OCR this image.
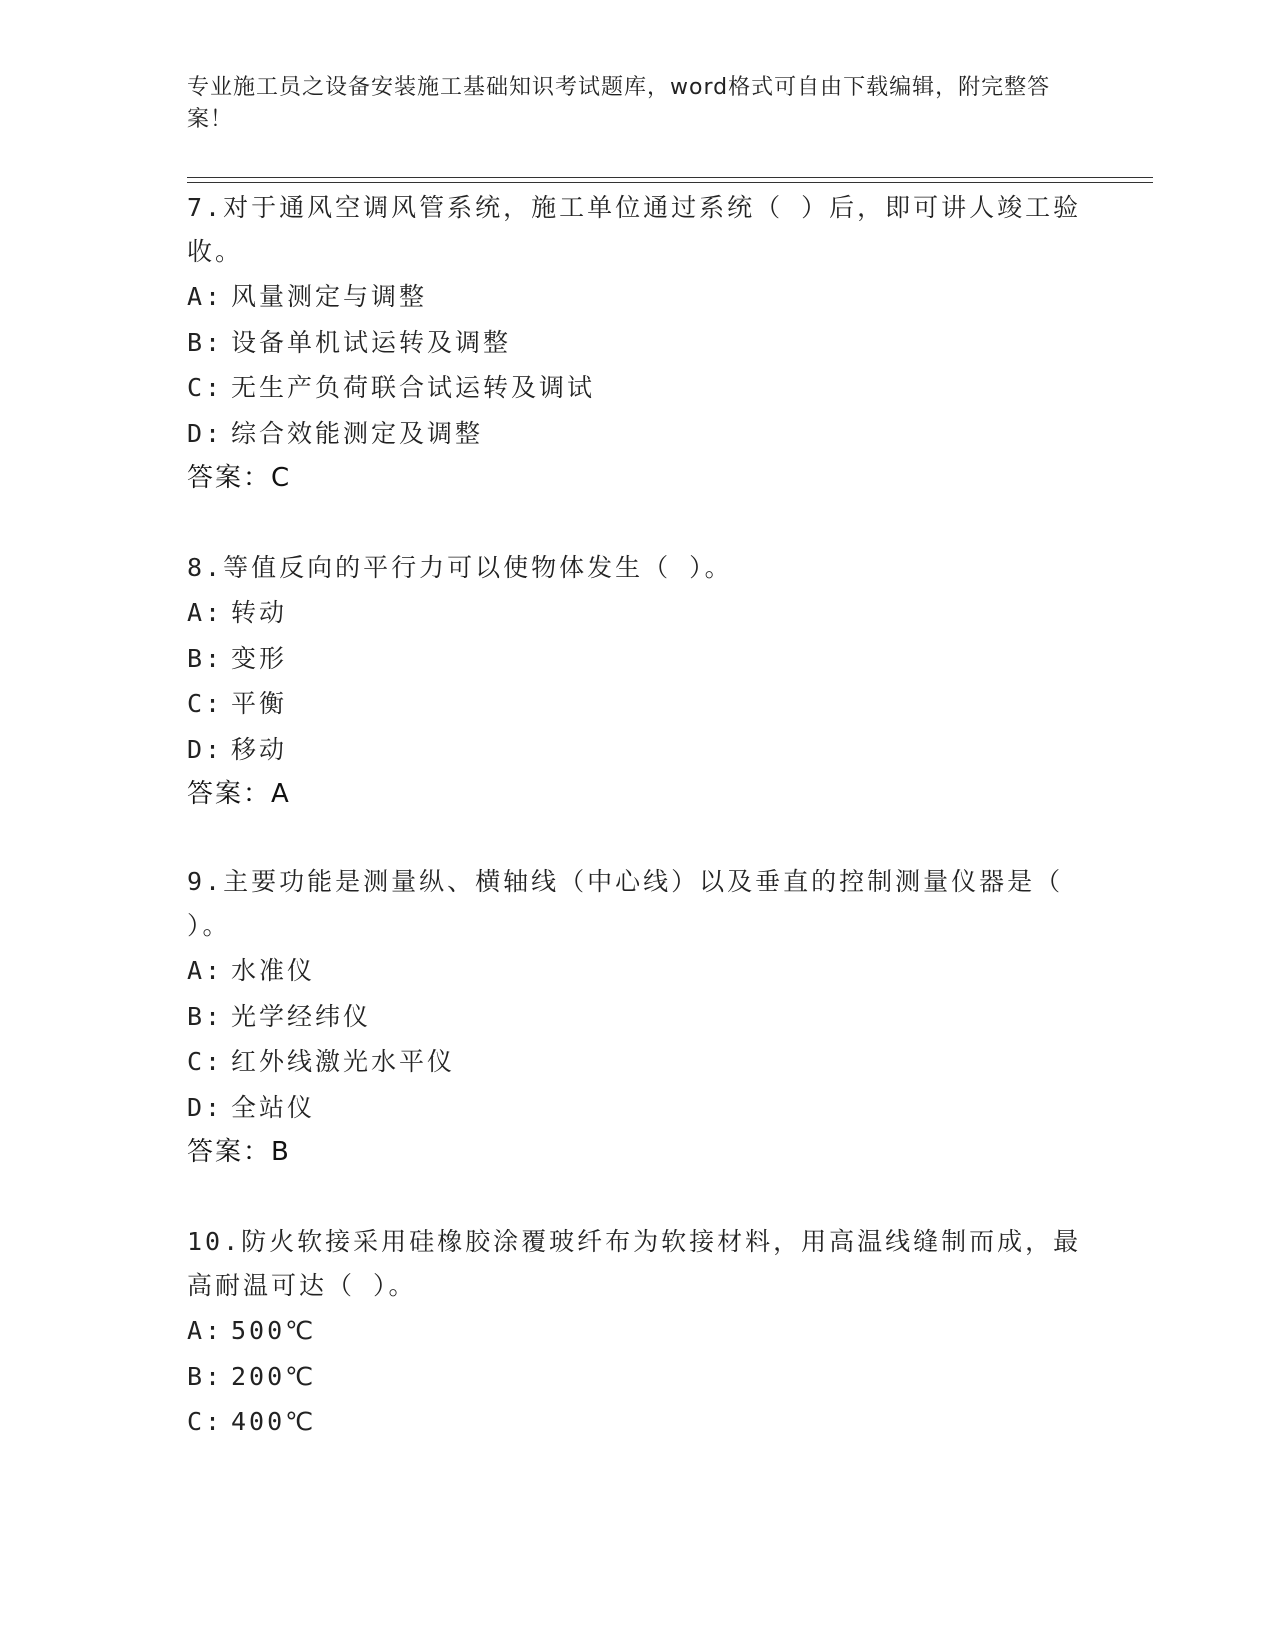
专业施工员之设备安装施工基础知识考试题库，word格式可自由下载编辑，附完整答案！
7.对于通风空调风管系统，施工单位通过系统（ ）后，即可讲人竣工验收。
A: 风量测定与调整
B: 设备单机试运转及调整
C: 无生产负荷联合试运转及调试
D: 综合效能测定及调整
答案：C
8.等值反向的平行力可以使物体发生（ ）。
A: 转动
B: 变形
C: 平衡
D: 移动
答案：A
9.主要功能是测量纵、横轴线（中心线）以及垂直的控制测量仪器是（ ）。
A: 水准仪
B: 光学经纬仪
C: 红外线激光水平仪
D: 全站仪
答案：B
10.防火软接采用硅橡胶涂覆玻纤布为软接材料，用高温线缝制而成，最高耐温可达（ ）。
A: 500℃
B: 200℃
C: 400℃
